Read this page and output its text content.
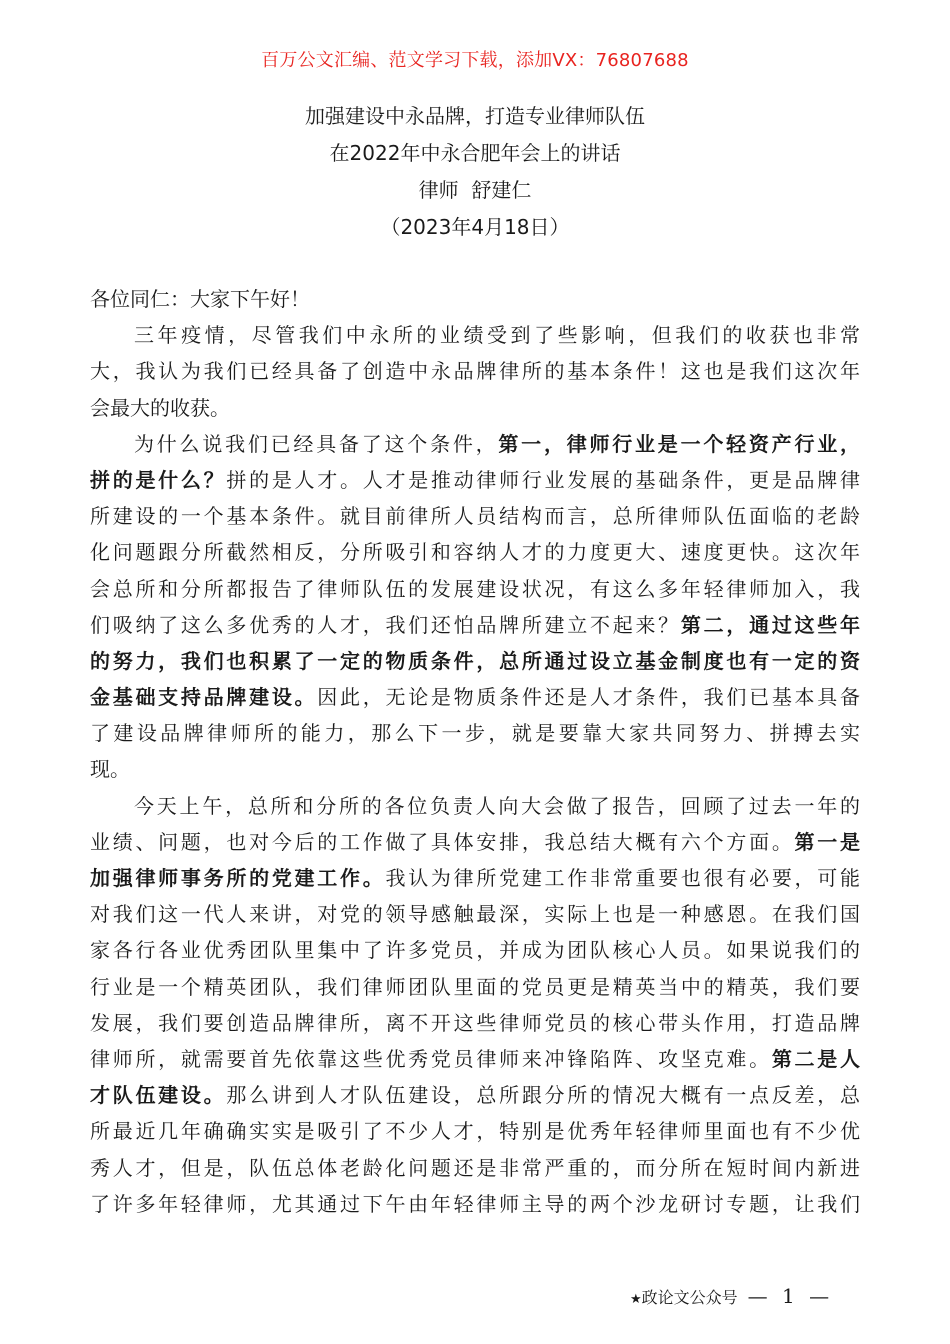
百万公文汇编、范文学习下载，添加VX：76807688
加强建设中永品牌，打造专业律师队伍
在2022年中永合肥年会上的讲话
律师  舒建仁
（2023年4月18日）
各位同仁：大家下午好！
三年疫情，尽管我们中永所的业绩受到了些影响，但我们的收获也非常
大，我认为我们已经具备了创造中永品牌律所的基本条件！这也是我们这次年
会最大的收获。
为什么说我们已经具备了这个条件，第一，律师行业是一个轻资产行业，
拼的是什么？拼的是人才。人才是推动律师行业发展的基础条件，更是品牌律
所建设的一个基本条件。就目前律所人员结构而言，总所律师队伍面临的老龄
化问题跟分所截然相反，分所吸引和容纳人才的力度更大、速度更快。这次年
会总所和分所都报告了律师队伍的发展建设状况，有这么多年轻律师加入，我
们吸纳了这么多优秀的人才，我们还怕品牌所建立不起来？第二，通过这些年
的努力，我们也积累了一定的物质条件，总所通过设立基金制度也有一定的资
金基础支持品牌建设。因此，无论是物质条件还是人才条件，我们已基本具备
了建设品牌律师所的能力，那么下一步，就是要靠大家共同努力、拼搏去实
现。
今天上午，总所和分所的各位负责人向大会做了报告，回顾了过去一年的
业绩、问题，也对今后的工作做了具体安排，我总结大概有六个方面。第一是
加强律师事务所的党建工作。我认为律所党建工作非常重要也很有必要，可能
对我们这一代人来讲，对党的领导感触最深，实际上也是一种感恩。在我们国
家各行各业优秀团队里集中了许多党员，并成为团队核心人员。如果说我们的
行业是一个精英团队，我们律师团队里面的党员更是精英当中的精英，我们要
发展，我们要创造品牌律所，离不开这些律师党员的核心带头作用，打造品牌
律师所，就需要首先依靠这些优秀党员律师来冲锋陷阵、攻坚克难。第二是人
才队伍建设。那么讲到人才队伍建设，总所跟分所的情况大概有一点反差，总
所最近几年确确实实是吸引了不少人才，特别是优秀年轻律师里面也有不少优
秀人才，但是，队伍总体老龄化问题还是非常严重的，而分所在短时间内新进
了许多年轻律师，尤其通过下午由年轻律师主导的两个沙龙研讨专题，让我们
★政论文公众号 — 1 —
